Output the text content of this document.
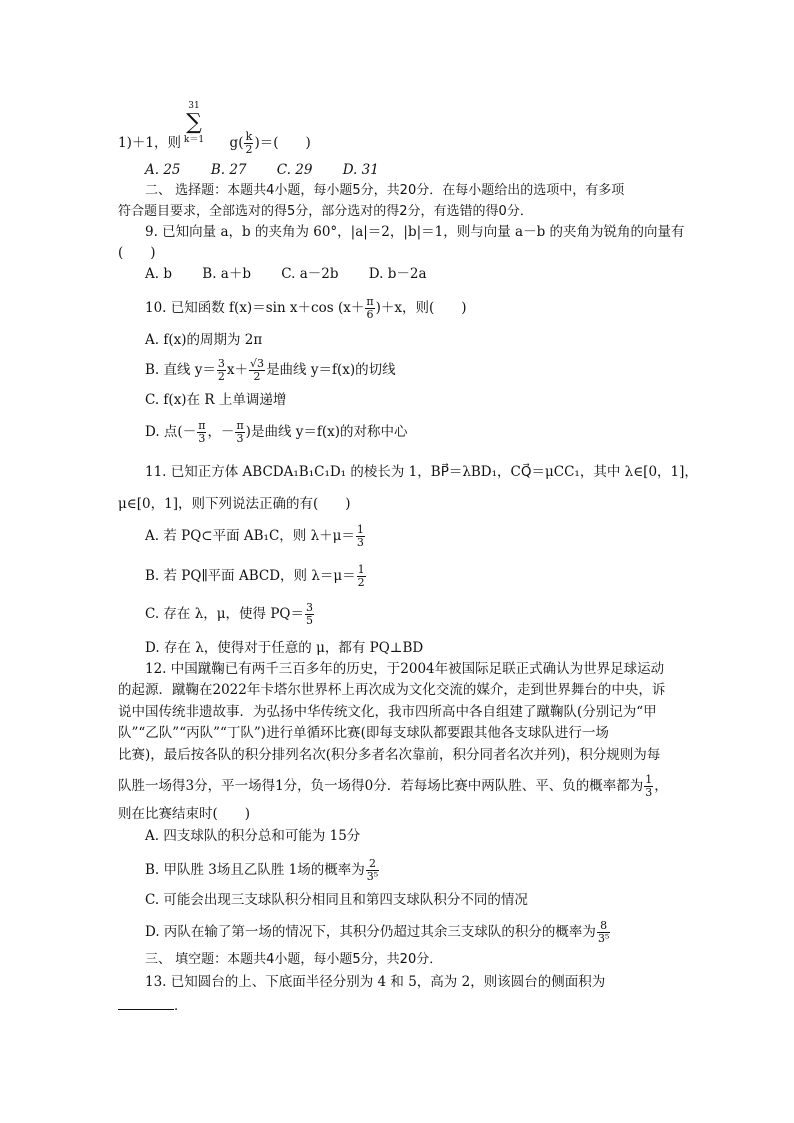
31
∑
k＝1
1)＋1，则	$g( \frac{k}{2}$ )＝(　　)
A. 25 B. 27 C. 29 D. 31
二、 选择题：本题共4小题，每小题5分，共20分．在每小题给出的选项中，有多项
符合题目要求，全部选对的得5分，部分选对的得2分，有选错的得0分．
9. 已知向量 a，b 的夹角为 60°，|a|＝2，|b|＝1，则与向量 a－b 的夹角为锐角的向量有
(　　)
A. b B. a＋b C. a－2b D. b－2a
10. 已知函数 f(x)＝sin x＋cos $(x+ \frac{\pi}{6} )+x$，则(　　)
A. f(x)的周期为 2π
B. 直线 $y= \frac{3}{2} x+ \frac{√3}{2}$ 是曲线 y＝f(x)的切线
C. f(x)在 R 上单调递增
D. 点(－ $\frac{\pi}{3}$ ，－ $\frac{\pi}{3}$ )是曲线 y＝f(x)的对称中心
11. 已知正方体 ABCDA₁B₁C₁D₁ 的棱长为 1，BP⃗＝λBD₁，CQ⃗＝μCC₁，其中 λ∈[0，1]，
μ∈[0，1]，则下列说法正确的有(　　)
A. 若 PQ⊂平面 AB₁C，则 $\lambda+\mu= \frac{1}{3}$
B. 若 PQ∥平面 ABCD，则 $\lambda=\mu= \frac{1}{2}$
C. 存在 λ，μ，使得 $PQ= \frac{3}{5}$
D. 存在 λ，使得对于任意的 μ，都有 PQ⊥BD
12. 中国蹴鞠已有两千三百多年的历史，于2004年被国际足联正式确认为世界足球运动
的起源．蹴鞠在2022年卡塔尔世界杯上再次成为文化交流的媒介，走到世界舞台的中央，诉
说中国传统非遗故事．为弘扬中华传统文化，我市四所高中各自组建了蹴鞠队(分别记为“甲
队”“乙队”“丙队”“丁队”)进行单循环比赛(即每支球队都要跟其他各支球队进行一场
比赛)，最后按各队的积分排列名次(积分多者名次靠前，积分同者名次并列)，积分规则为每
队胜一场得3分，平一场得1分，负一场得0分．若每场比赛中两队胜、平、负的概率都为 $\frac{1}{3}$ ，
则在比赛结束时(　　)
A. 四支球队的积分总和可能为 15分
B. 甲队胜 3场且乙队胜 1场的概率为 $\frac{2}{\text{3⁵}}$
C. 可能会出现三支球队积分相同且和第四支球队积分不同的情况
D. 丙队在输了第一场的情况下，其积分仍超过其余三支球队的积分的概率为 $\frac{8}{\text{3⁵}}$
三、 填空题：本题共4小题，每小题5分，共20分．
13. 已知圆台的上、下底面半径分别为 4 和 5，高为 2，则该圆台的侧面积为
．
